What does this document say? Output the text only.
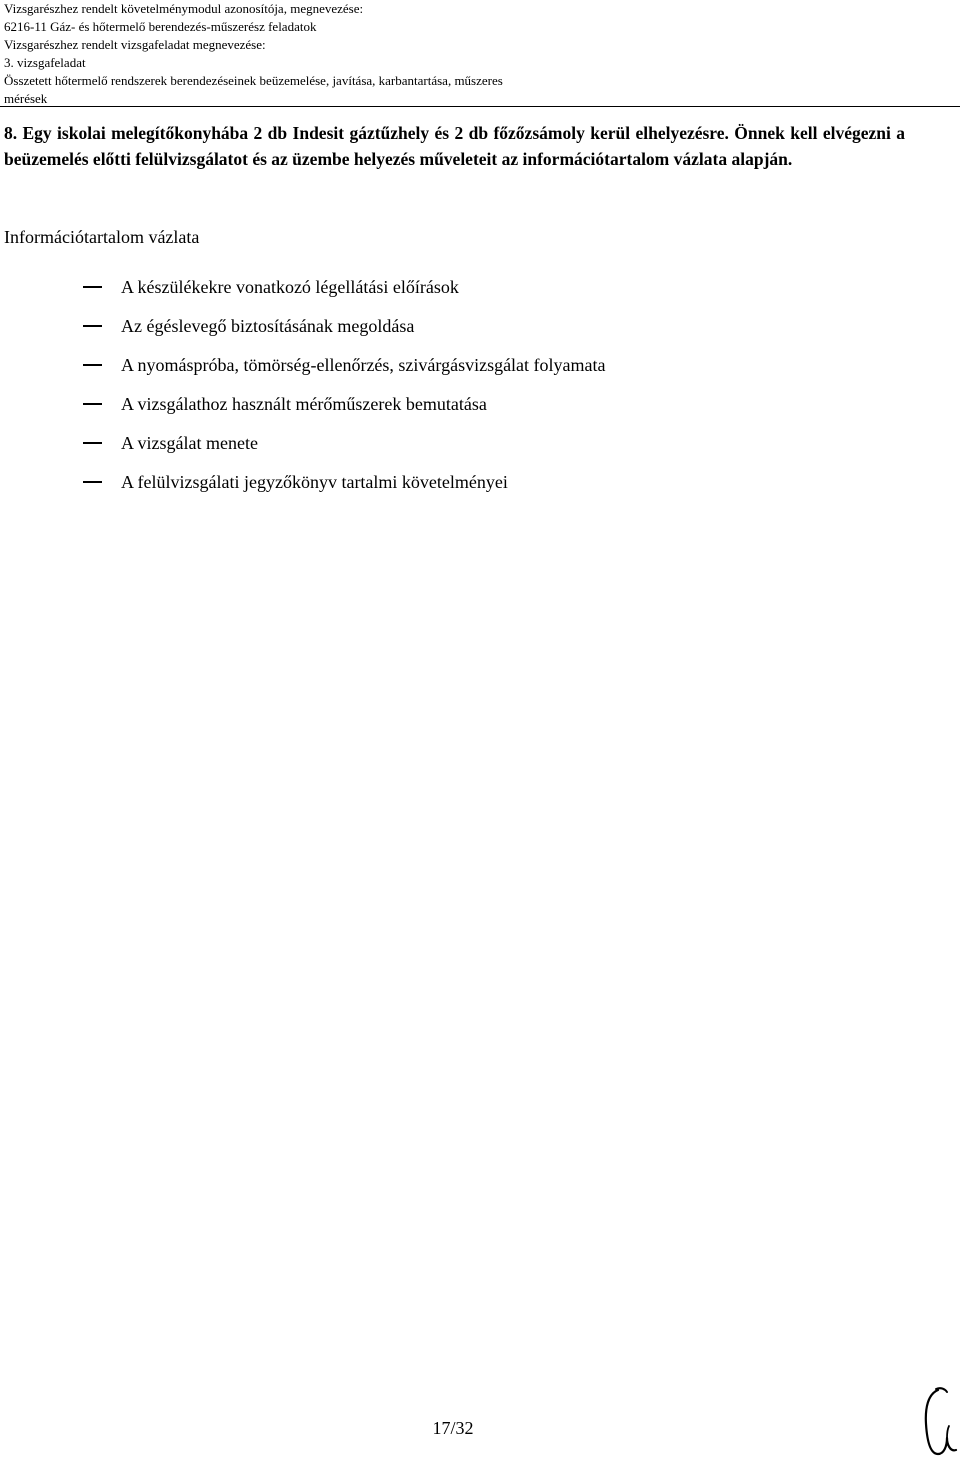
Vizsgarészhez rendelt követelménymodul azonosítója, megnevezése:
6216-11 Gáz- és hőtermelő berendezés-műszerész feladatok
Vizsgarészhez rendelt vizsgafeladat megnevezése:
3. vizsgafeladat
Összetett hőtermelő rendszerek berendezéseinek beüzemelése, javítása, karbantartása, műszeres
mérések
8. Egy iskolai melegítőkonyhába 2 db Indesit gáztűzhely és 2 db főzőzsámoly kerül elhelyezésre. Önnek kell elvégezni a beüzemelés előtti felülvizsgálatot és az üzembe helyezés műveleteit az információtartalom vázlata alapján.
Információtartalom vázlata
A készülékekre vonatkozó légellátási előírások
Az égéslevegő biztosításának megoldása
A nyomáspróba, tömörség-ellenőrzés, szivárgásvizsgálat folyamata
A vizsgálathoz használt mérőműszerek bemutatása
A vizsgálat menete
A felülvizsgálati jegyzőkönyv tartalmi követelményei
17/32
